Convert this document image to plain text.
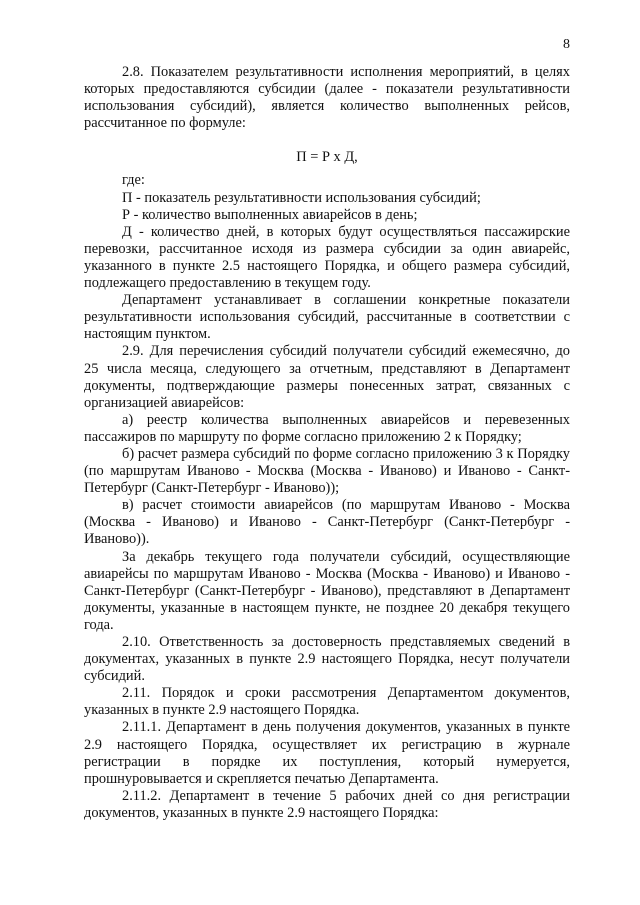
8

2.8. Показателем результативности исполнения мероприятий, в целях которых предоставляются субсидии (далее - показатели результативности использования субсидий), является количество выполненных рейсов, рассчитанное по формуле:

П = Р х Д,

где:

П - показатель результативности использования субсидий;

Р - количество выполненных авиарейсов в день;

Д - количество дней, в которых будут осуществляться пассажирские перевозки, рассчитанное исходя из размера субсидии за один авиарейс, указанного в пункте 2.5 настоящего Порядка, и общего размера субсидий, подлежащего предоставлению в текущем году.

Департамент устанавливает в соглашении конкретные показатели результативности использования субсидий, рассчитанные в соответствии с настоящим пунктом.

2.9. Для перечисления субсидий получатели субсидий ежемесячно, до 25 числа месяца, следующего за отчетным, представляют в Департамент документы, подтверждающие размеры понесенных затрат, связанных с организацией авиарейсов:

а) реестр количества выполненных авиарейсов и перевезенных пассажиров по маршруту по форме согласно приложению 2 к Порядку;

б) расчет размера субсидий по форме согласно приложению 3 к Порядку (по маршрутам Иваново - Москва (Москва - Иваново) и Иваново - Санкт-Петербург (Санкт-Петербург - Иваново));

в) расчет стоимости авиарейсов (по маршрутам Иваново - Москва (Москва - Иваново) и Иваново - Санкт-Петербург (Санкт-Петербург - Иваново)).

За декабрь текущего года получатели субсидий, осуществляющие авиарейсы по маршрутам Иваново - Москва (Москва - Иваново) и Иваново - Санкт-Петербург (Санкт-Петербург - Иваново), представляют в Департамент документы, указанные в настоящем пункте, не позднее 20 декабря текущего года.

2.10. Ответственность за достоверность представляемых сведений в документах, указанных в пункте 2.9 настоящего Порядка, несут получатели субсидий.

2.11. Порядок и сроки рассмотрения Департаментом документов, указанных в пункте 2.9 настоящего Порядка.

2.11.1. Департамент в день получения документов, указанных в пункте 2.9 настоящего Порядка, осуществляет их регистрацию в журнале регистрации в порядке их поступления, который нумеруется, прошнуровывается и скрепляется печатью Департамента.

2.11.2. Департамент в течение 5 рабочих дней со дня регистрации документов, указанных в пункте 2.9 настоящего Порядка:
